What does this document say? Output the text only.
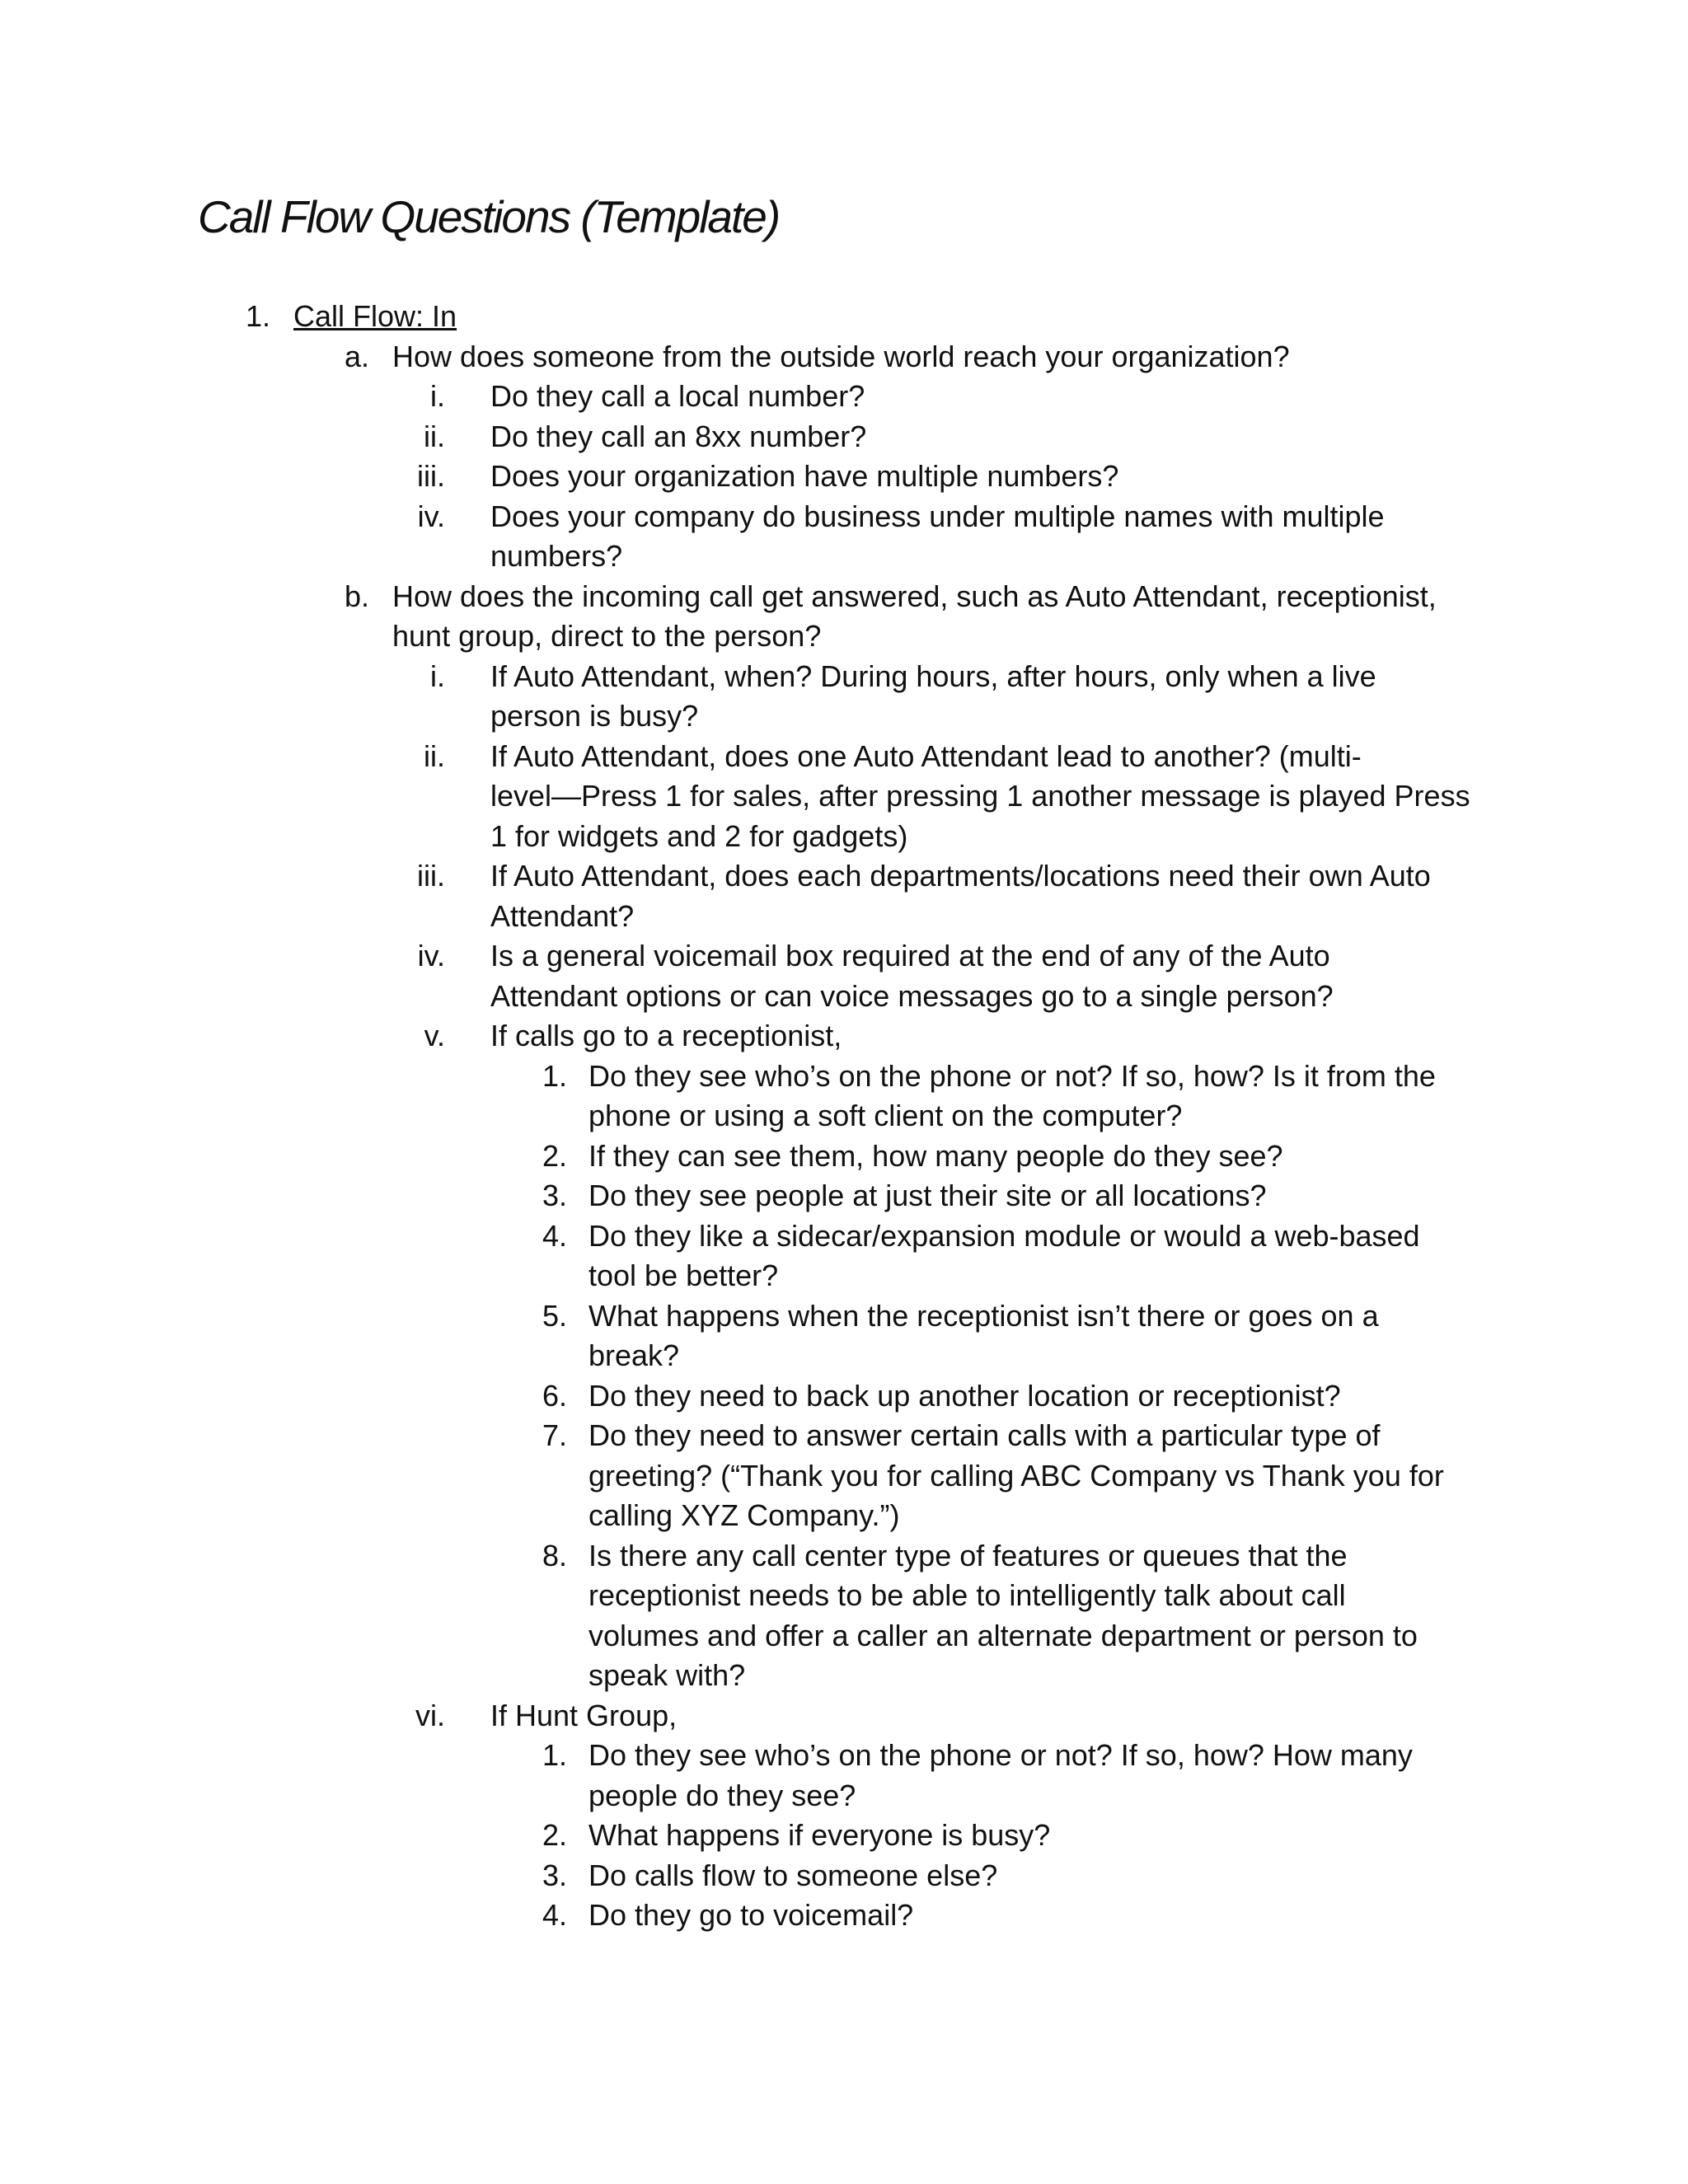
Call Flow Questions (Template)
1. Call Flow: In
a. How does someone from the outside world reach your organization?
i. Do they call a local number?
ii. Do they call an 8xx number?
iii. Does your organization have multiple numbers?
iv. Does your company do business under multiple names with multiple
numbers?
b. How does the incoming call get answered, such as Auto Attendant, receptionist,
hunt group, direct to the person?
i. If Auto Attendant, when? During hours, after hours, only when a live
person is busy?
ii. If Auto Attendant, does one Auto Attendant lead to another? (multi-
level—Press 1 for sales, after pressing 1 another message is played Press
1 for widgets and 2 for gadgets)
iii. If Auto Attendant, does each departments/locations need their own Auto
Attendant?
iv. Is a general voicemail box required at the end of any of the Auto
Attendant options or can voice messages go to a single person?
v. If calls go to a receptionist,
1. Do they see who’s on the phone or not? If so, how? Is it from the
phone or using a soft client on the computer?
2. If they can see them, how many people do they see?
3. Do they see people at just their site or all locations?
4. Do they like a sidecar/expansion module or would a web-based
tool be better?
5. What happens when the receptionist isn’t there or goes on a
break?
6. Do they need to back up another location or receptionist?
7. Do they need to answer certain calls with a particular type of
greeting? (“Thank you for calling ABC Company vs Thank you for
calling XYZ Company.”)
8. Is there any call center type of features or queues that the
receptionist needs to be able to intelligently talk about call
volumes and offer a caller an alternate department or person to
speak with?
vi. If Hunt Group,
1. Do they see who’s on the phone or not? If so, how? How many
people do they see?
2. What happens if everyone is busy?
3. Do calls flow to someone else?
4. Do they go to voicemail?
